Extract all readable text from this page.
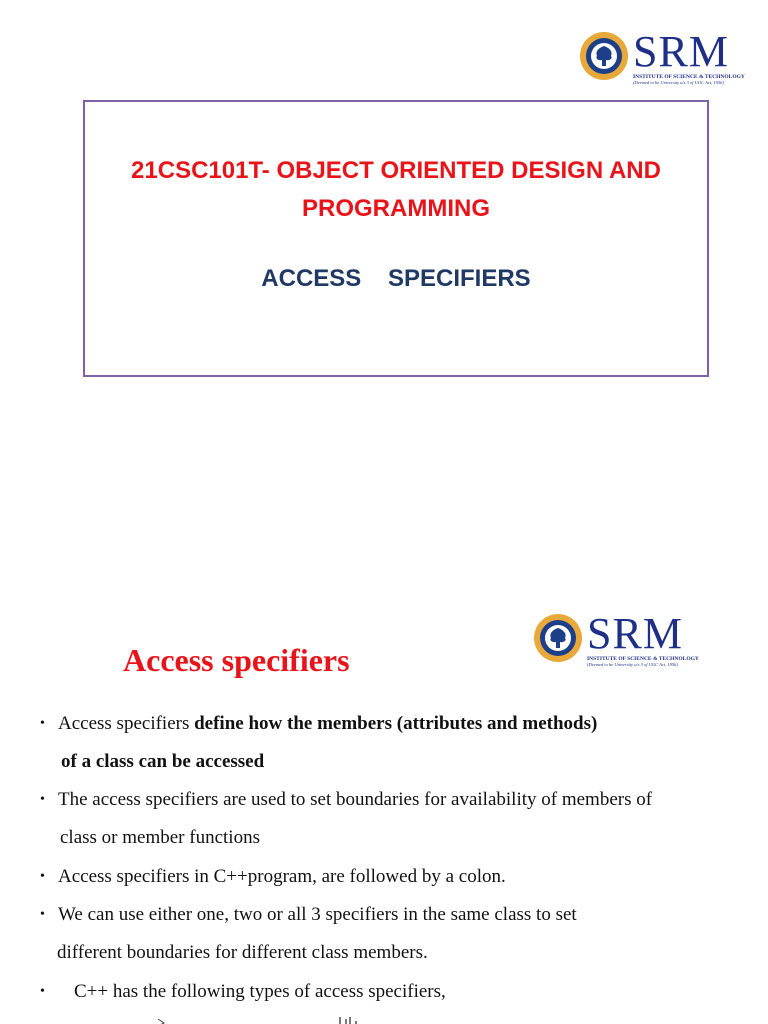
SRM
INSTITUTE OF SCIENCE & TECHNOLOGY
(Deemed to be University u/s 3 of UGC Act, 1956)
21CSC101T- OBJECT ORIENTED DESIGN AND PROGRAMMING
ACCESS    SPECIFIERS
SRM
INSTITUTE OF SCIENCE & TECHNOLOGY
(Deemed to be University u/s 3 of UGC Act, 1956)
Access specifiers
• Access specifiers define how the members (attributes and methods)
of a class can be accessed
• The access specifiers are used to set boundaries for availability of members of
class or member functions
• Access specifiers in C++program, are followed by a colon.
• We can use either one, two or all 3 specifiers in the same class to set
different boundaries for different class members.
•	C++ has the following types of access specifiers,
